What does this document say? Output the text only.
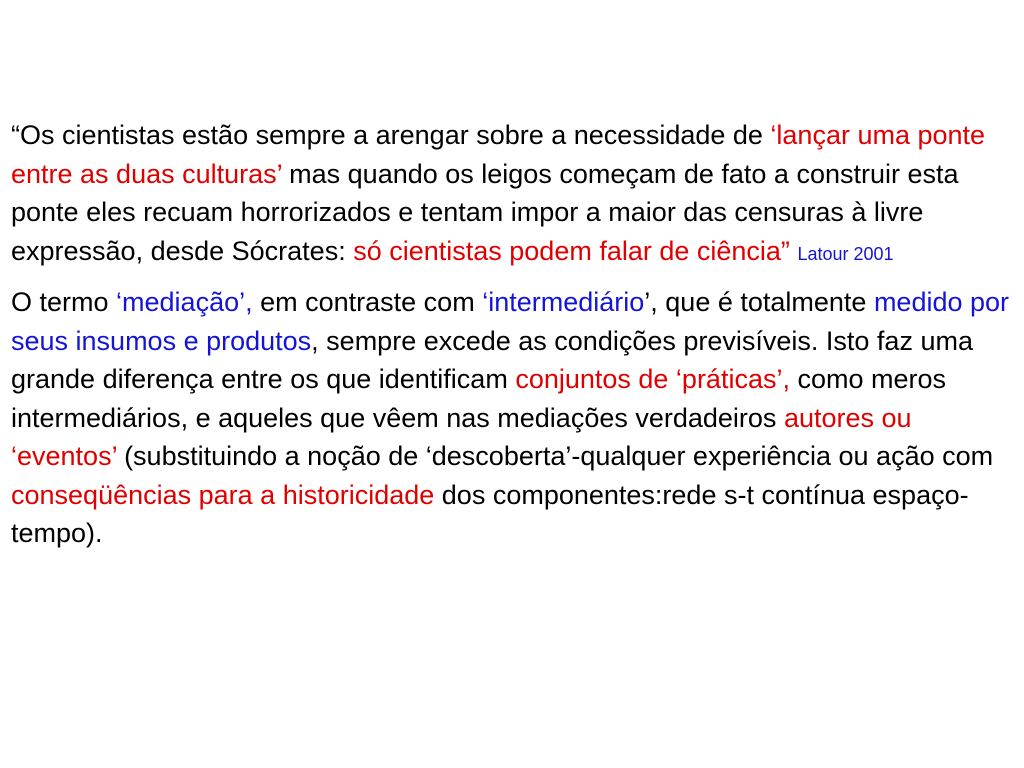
“Os cientistas estão sempre a arengar sobre a necessidade de ‘lançar uma ponte entre as duas culturas’ mas quando os leigos começam de fato a construir esta ponte eles recuam horrorizados e tentam impor a maior das censuras à livre expressão, desde Sócrates: só cientistas podem falar de ciência” Latour 2001

O termo ‘mediação’, em contraste com ‘intermediário’, que é totalmente medido por seus insumos e produtos, sempre excede as condições previsíveis. Isto faz uma grande diferença entre os que identificam conjuntos de ‘práticas’, como meros intermediários, e aqueles que vêem nas mediações verdadeiros autores ou ‘eventos’ (substituindo a noção de ‘descoberta’-qualquer experiência ou ação com conseqüências para a historicidade dos componentes:rede s-t contínua espaço-tempo).
